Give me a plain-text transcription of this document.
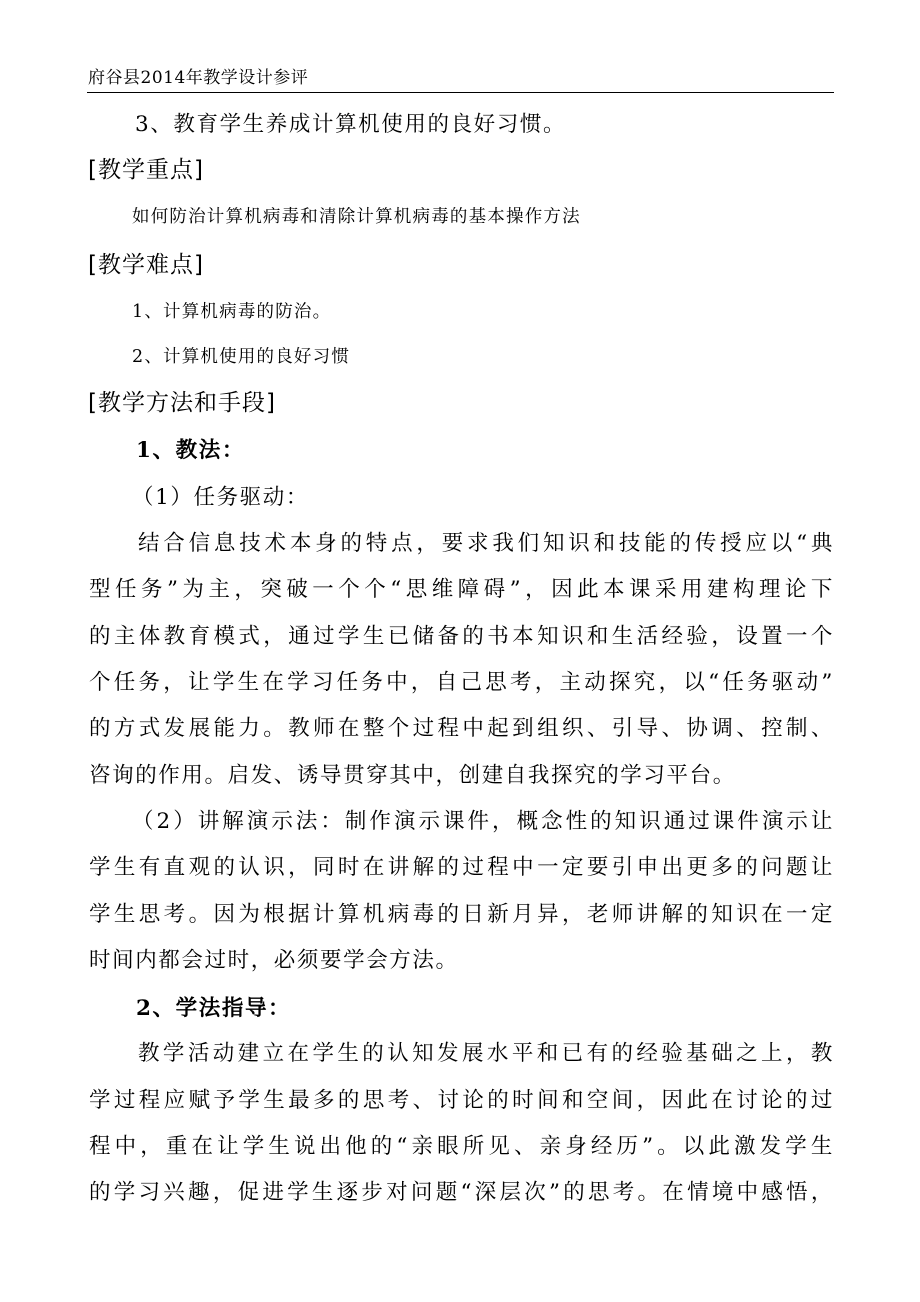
府谷县2014年教学设计参评
3、教育学生养成计算机使用的良好习惯。
[教学重点]
如何防治计算机病毒和清除计算机病毒的基本操作方法
[教学难点]
1、计算机病毒的防治。
2、计算机使用的良好习惯
[教学方法和手段]
1、教法：
（1）任务驱动：
结合信息技术本身的特点，要求我们知识和技能的传授应以“典
型任务”为主，突破一个个“思维障碍”，因此本课采用建构理论下
的主体教育模式，通过学生已储备的书本知识和生活经验，设置一个
个任务，让学生在学习任务中，自己思考，主动探究，以“任务驱动”
的方式发展能力。教师在整个过程中起到组织、引导、协调、控制、
咨询的作用。启发、诱导贯穿其中，创建自我探究的学习平台。
（2）讲解演示法：制作演示课件，概念性的知识通过课件演示让
学生有直观的认识，同时在讲解的过程中一定要引申出更多的问题让
学生思考。因为根据计算机病毒的日新月异，老师讲解的知识在一定
时间内都会过时，必须要学会方法。
2、学法指导：
教学活动建立在学生的认知发展水平和已有的经验基础之上，教
学过程应赋予学生最多的思考、讨论的时间和空间，因此在讨论的过
程中，重在让学生说出他的“亲眼所见、亲身经历”。以此激发学生
的学习兴趣，促进学生逐步对问题“深层次”的思考。在情境中感悟，
